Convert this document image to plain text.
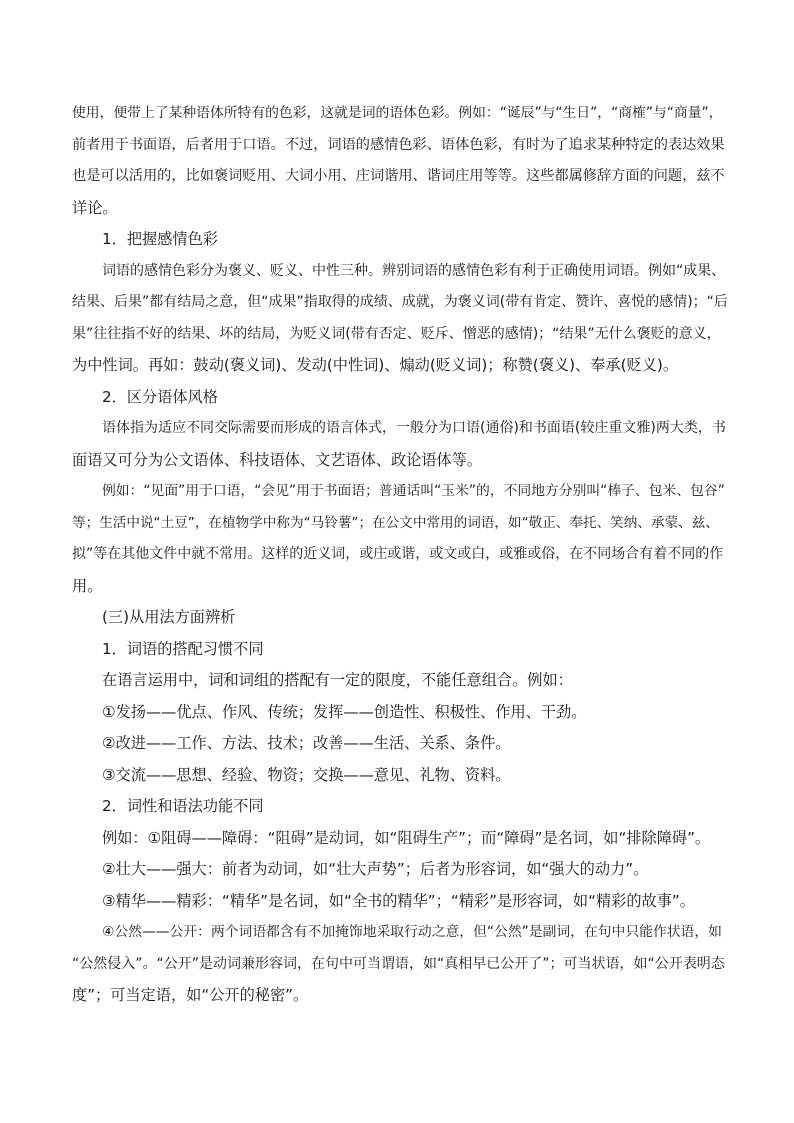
使用，便带上了某种语体所特有的色彩，这就是词的语体色彩。例如：“诞辰”与“生日”，“商榷”与“商量”，

前者用于书面语，后者用于口语。不过，词语的感情色彩、语体色彩，有时为了追求某种特定的表达效果

也是可以活用的，比如褒词贬用、大词小用、庄词谐用、谐词庄用等等。这些都属修辞方面的问题，兹不

详论。

1．把握感情色彩

词语的感情色彩分为褒义、贬义、中性三种。辨别词语的感情色彩有利于正确使用词语。例如“成果、

结果、后果”都有结局之意，但“成果”指取得的成绩、成就，为褒义词(带有肯定、赞许、喜悦的感情)；“后

果”往往指不好的结果、坏的结局，为贬义词(带有否定、贬斥、憎恶的感情)；“结果”无什么褒贬的意义，

为中性词。再如：鼓动(褒义词)、发动(中性词)、煽动(贬义词)；称赞(褒义)、奉承(贬义)。

2．区分语体风格

语体指为适应不同交际需要而形成的语言体式，一般分为口语(通俗)和书面语(较庄重文雅)两大类，书

面语又可分为公文语体、科技语体、文艺语体、政论语体等。

例如：“见面”用于口语，“会见”用于书面语；普通话叫“玉米”的，不同地方分别叫“棒子、包米、包谷”

等；生活中说“土豆”，在植物学中称为“马铃薯”；在公文中常用的词语，如“敬正、奉托、笑纳、承蒙、兹、

拟”等在其他文件中就不常用。这样的近义词，或庄或谐，或文或白，或雅或俗，在不同场合有着不同的作

用。

(三)从用法方面辨析

1．词语的搭配习惯不同

在语言运用中，词和词组的搭配有一定的限度，不能任意组合。例如：

①发扬——优点、作风、传统；发挥——创造性、积极性、作用、干劲。

②改进——工作、方法、技术；改善——生活、关系、条件。

③交流——思想、经验、物资；交换——意见、礼物、资料。

2．词性和语法功能不同

例如：①阻碍——障碍：“阻碍”是动词，如“阻碍生产”；而“障碍”是名词，如“排除障碍”。

②壮大——强大：前者为动词，如“壮大声势”；后者为形容词，如“强大的动力”。

③精华——精彩：“精华”是名词，如“全书的精华”；“精彩”是形容词，如“精彩的故事”。

④公然——公开：两个词语都含有不加掩饰地采取行动之意，但“公然”是副词，在句中只能作状语，如

“公然侵入”。“公开”是动词兼形容词，在句中可当谓语，如“真相早已公开了”；可当状语，如“公开表明态

度”；可当定语，如“公开的秘密”。
